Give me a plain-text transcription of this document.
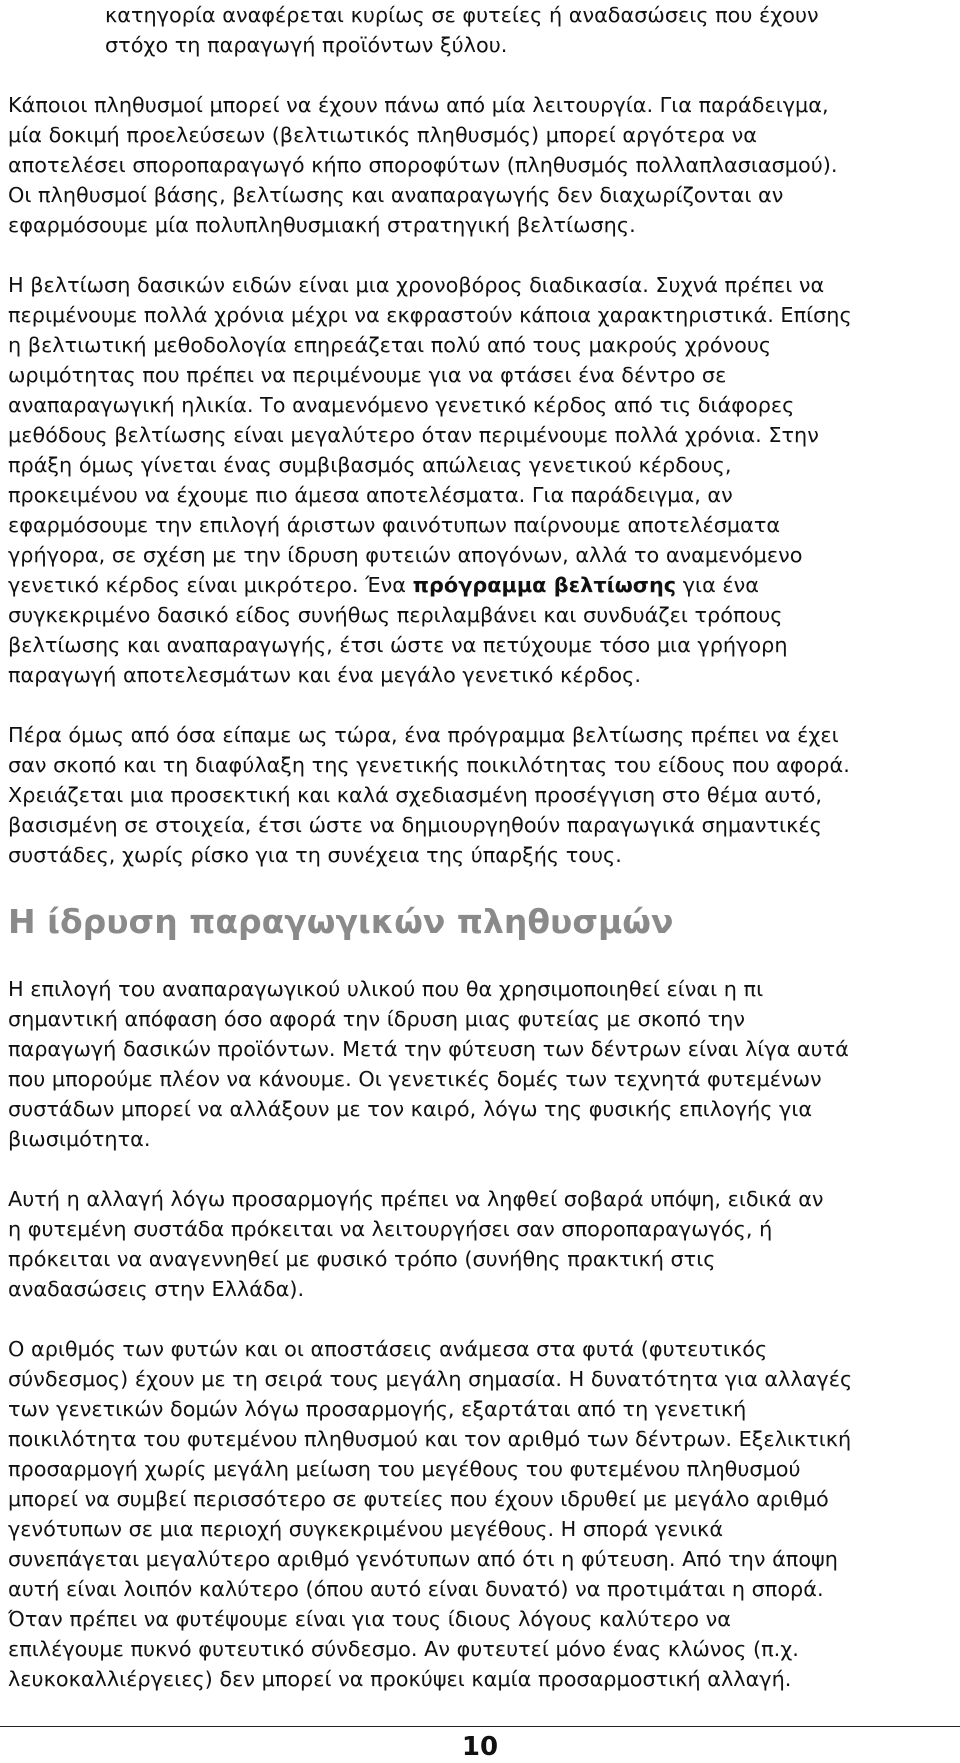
κατηγορία αναφέρεται κυρίως σε φυτείες ή αναδασώσεις που έχουν
στόχο τη παραγωγή προϊόντων ξύλου.

Κάποιοι πληθυσμοί μπορεί να έχουν πάνω από μία λειτουργία. Για παράδειγμα,
μία δοκιμή προελεύσεων (βελτιωτικός πληθυσμός) μπορεί αργότερα να
αποτελέσει σποροπαραγωγό κήπο σποροφύτων (πληθυσμός πολλαπλασιασμού).
Οι πληθυσμοί βάσης, βελτίωσης και αναπαραγωγής δεν διαχωρίζονται αν
εφαρμόσουμε μία πολυπληθυσμιακή στρατηγική βελτίωσης.

Η βελτίωση δασικών ειδών είναι μια χρονοβόρος διαδικασία. Συχνά πρέπει να
περιμένουμε πολλά χρόνια μέχρι να εκφραστούν κάποια χαρακτηριστικά. Επίσης
η βελτιωτική μεθοδολογία επηρεάζεται πολύ από τους μακρούς χρόνους
ωριμότητας που πρέπει να περιμένουμε για να φτάσει ένα δέντρο σε
αναπαραγωγική ηλικία. Το αναμενόμενο γενετικό κέρδος από τις διάφορες
μεθόδους βελτίωσης είναι μεγαλύτερο όταν περιμένουμε πολλά χρόνια. Στην
πράξη όμως γίνεται ένας συμβιβασμός απώλειας γενετικού κέρδους,
προκειμένου να έχουμε πιο άμεσα αποτελέσματα. Για παράδειγμα, αν
εφαρμόσουμε την επιλογή άριστων φαινότυπων παίρνουμε αποτελέσματα
γρήγορα, σε σχέση με την ίδρυση φυτειών απογόνων, αλλά το αναμενόμενο
γενετικό κέρδος είναι μικρότερο. Ένα πρόγραμμα βελτίωσης για ένα
συγκεκριμένο δασικό είδος συνήθως περιλαμβάνει και συνδυάζει τρόπους
βελτίωσης και αναπαραγωγής, έτσι ώστε να πετύχουμε τόσο μια γρήγορη
παραγωγή αποτελεσμάτων και ένα μεγάλο γενετικό κέρδος.

Πέρα όμως από όσα είπαμε ως τώρα, ένα πρόγραμμα βελτίωσης πρέπει να έχει
σαν σκοπό και τη διαφύλαξη της γενετικής ποικιλότητας του είδους που αφορά.
Χρειάζεται μια προσεκτική και καλά σχεδιασμένη προσέγγιση στο θέμα αυτό,
βασισμένη σε στοιχεία, έτσι ώστε να δημιουργηθούν παραγωγικά σημαντικές
συστάδες, χωρίς ρίσκο για τη συνέχεια της ύπαρξής τους.

Η ίδρυση παραγωγικών πληθυσμών

Η επιλογή του αναπαραγωγικού υλικού που θα χρησιμοποιηθεί είναι η πι
σημαντική απόφαση όσο αφορά την ίδρυση μιας φυτείας με σκοπό την
παραγωγή δασικών προϊόντων. Μετά την φύτευση των δέντρων είναι λίγα αυτά
που μπορούμε πλέον να κάνουμε. Οι γενετικές δομές των τεχνητά φυτεμένων
συστάδων μπορεί να αλλάξουν με τον καιρό, λόγω της φυσικής επιλογής για
βιωσιμότητα.

Αυτή η αλλαγή λόγω προσαρμογής πρέπει να ληφθεί σοβαρά υπόψη, ειδικά αν
η φυτεμένη συστάδα πρόκειται να λειτουργήσει σαν σποροπαραγωγός, ή
πρόκειται να αναγεννηθεί με φυσικό τρόπο (συνήθης πρακτική στις
αναδασώσεις στην Ελλάδα).

Ο αριθμός των φυτών και οι αποστάσεις ανάμεσα στα φυτά (φυτευτικός
σύνδεσμος) έχουν με τη σειρά τους μεγάλη σημασία. Η δυνατότητα για αλλαγές
των γενετικών δομών λόγω προσαρμογής, εξαρτάται από τη γενετική
ποικιλότητα του φυτεμένου πληθυσμού και τον αριθμό των δέντρων. Εξελικτική
προσαρμογή χωρίς μεγάλη μείωση του μεγέθους του φυτεμένου πληθυσμού
μπορεί να συμβεί περισσότερο σε φυτείες που έχουν ιδρυθεί με μεγάλο αριθμό
γενότυπων σε μια περιοχή συγκεκριμένου μεγέθους. Η σπορά γενικά
συνεπάγεται μεγαλύτερο αριθμό γενότυπων από ότι η φύτευση. Από την άποψη
αυτή είναι λοιπόν καλύτερο (όπου αυτό είναι δυνατό) να προτιμάται η σπορά.
Όταν πρέπει να φυτέψουμε είναι για τους ίδιους λόγους καλύτερο να
επιλέγουμε πυκνό φυτευτικό σύνδεσμο. Αν φυτευτεί μόνο ένας κλώνος (π.χ.
λευκοκαλλιέργειες) δεν μπορεί να προκύψει καμία προσαρμοστική αλλαγή.

10
